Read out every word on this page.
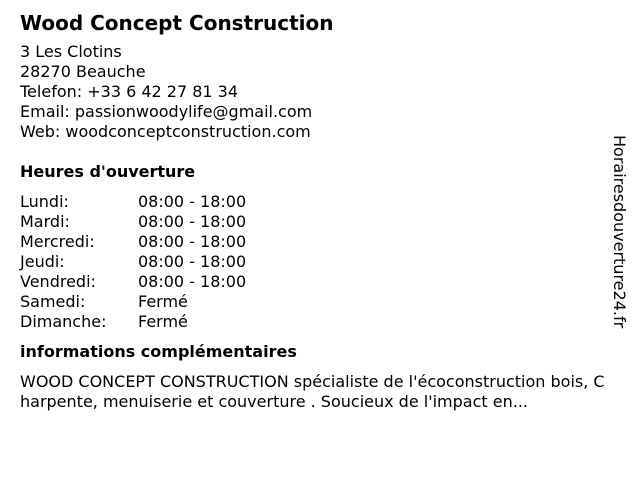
Wood Concept Construction
3 Les Clotins
28270 Beauche
Telefon: +33 6 42 27 81 34
Email: passionwoodylife@gmail.com
Web: woodconceptconstruction.com
Heures d'ouverture
Lundi:	08:00 - 18:00
Mardi:	08:00 - 18:00
Mercredi:	08:00 - 18:00
Jeudi:	08:00 - 18:00
Vendredi:	08:00 - 18:00
Samedi:	Fermé
Dimanche: Fermé
informations complémentaires
WOOD CONCEPT CONSTRUCTION spécialiste de l'écoconstruction bois, Charpente, menuiserie et couverture . Soucieux de l'impact en...
Horairesdouverture24.fr
